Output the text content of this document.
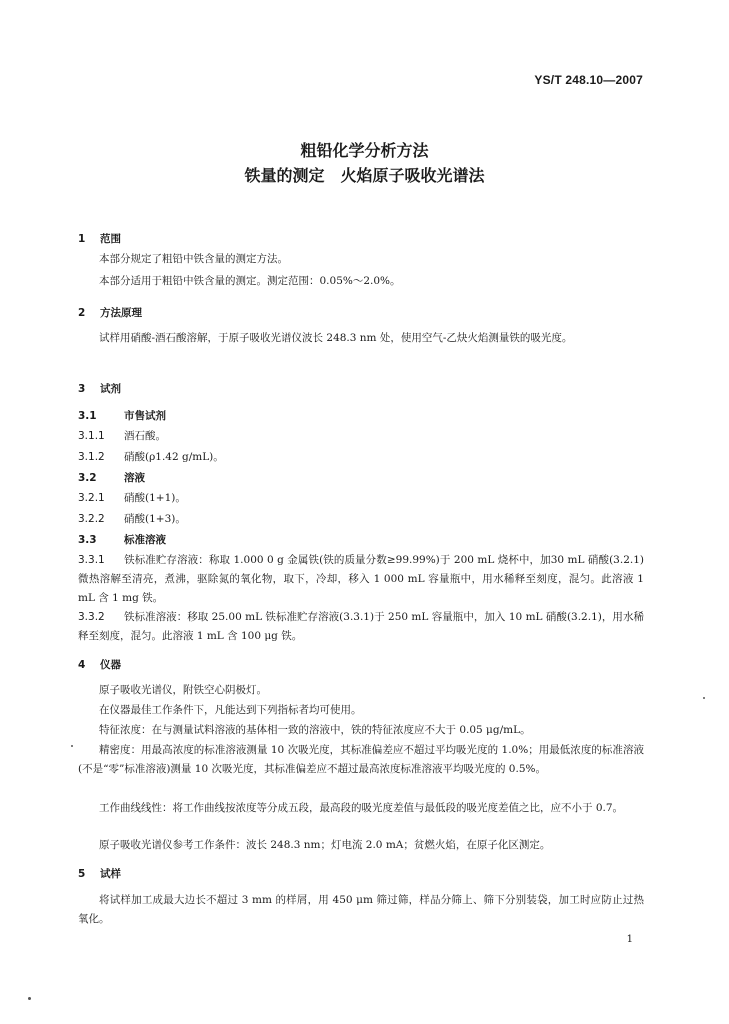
YS/T 248.10—2007
粗铅化学分析方法
铁量的测定　火焰原子吸收光谱法
1 范围
本部分规定了粗铅中铁含量的测定方法。
本部分适用于粗铅中铁含量的测定。测定范围：0.05%～2.0%。
2 方法原理
试样用硝酸-酒石酸溶解，于原子吸收光谱仪波长 248.3 nm 处，使用空气-乙炔火焰测量铁的吸光度。
3 试剂
3.1	市售试剂
3.1.1 酒石酸。
3.1.2 硝酸(ρ1.42 g/mL)。
3.2	溶液
3.2.1 硝酸(1+1)。
3.2.2 硝酸(1+3)。
3.3	标准溶液
3.3.1 铁标准贮存溶液：称取 1.000 0 g 金属铁(铁的质量分数≥99.99%)于 200 mL 烧杯中，加30 mL 硝酸(3.2.1)微热溶解至清亮，煮沸，驱除氮的氧化物，取下，冷却，移入 1 000 mL 容量瓶中，用水稀释至刻度，混匀。此溶液 1 mL 含 1 mg 铁。
3.3.2 铁标准溶液：移取 25.00 mL 铁标准贮存溶液(3.3.1)于 250 mL 容量瓶中，加入 10 mL 硝酸(3.2.1)，用水稀释至刻度，混匀。此溶液 1 mL 含 100 μg 铁。
4 仪器
原子吸收光谱仪，附铁空心阴极灯。
在仪器最佳工作条件下，凡能达到下列指标者均可使用。
特征浓度：在与测量试料溶液的基体相一致的溶液中，铁的特征浓度应不大于 0.05 μg/mL。
精密度：用最高浓度的标准溶液测量 10 次吸光度，其标准偏差应不超过平均吸光度的 1.0%；用最低浓度的标准溶液(不是“零”标准溶液)测量 10 次吸光度，其标准偏差应不超过最高浓度标准溶液平均吸光度的 0.5%。
工作曲线线性：将工作曲线按浓度等分成五段，最高段的吸光度差值与最低段的吸光度差值之比，应不小于 0.7。
原子吸收光谱仪参考工作条件：波长 248.3 nm；灯电流 2.0 mA；贫燃火焰，在原子化区测定。
5 试样
将试样加工成最大边长不超过 3 mm 的样屑，用 450 μm 筛过筛，样品分筛上、筛下分别装袋，加工时应防止过热氧化。
1
